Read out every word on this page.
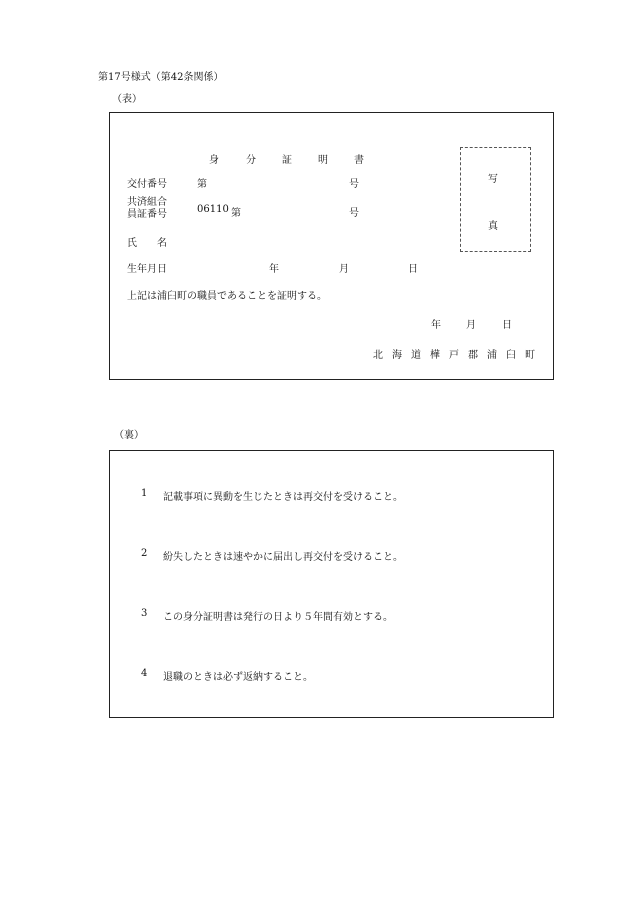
第17号様式（第42条関係）
（表）
身	分	証	明	書
交付番号	第	号
共済組合
員証番号	06110 第	号
氏　　名
生年月日	年	月	日
上記は浦臼町の職員であることを証明する。
年	月	日
北 海 道 樺 戸 郡 浦 臼 町
写
真
（裏）
1 記載事項に異動を生じたときは再交付を受けること。
2 紛失したときは速やかに届出し再交付を受けること。
3 この身分証明書は発行の日より５年間有効とする。
4 退職のときは必ず返納すること。
